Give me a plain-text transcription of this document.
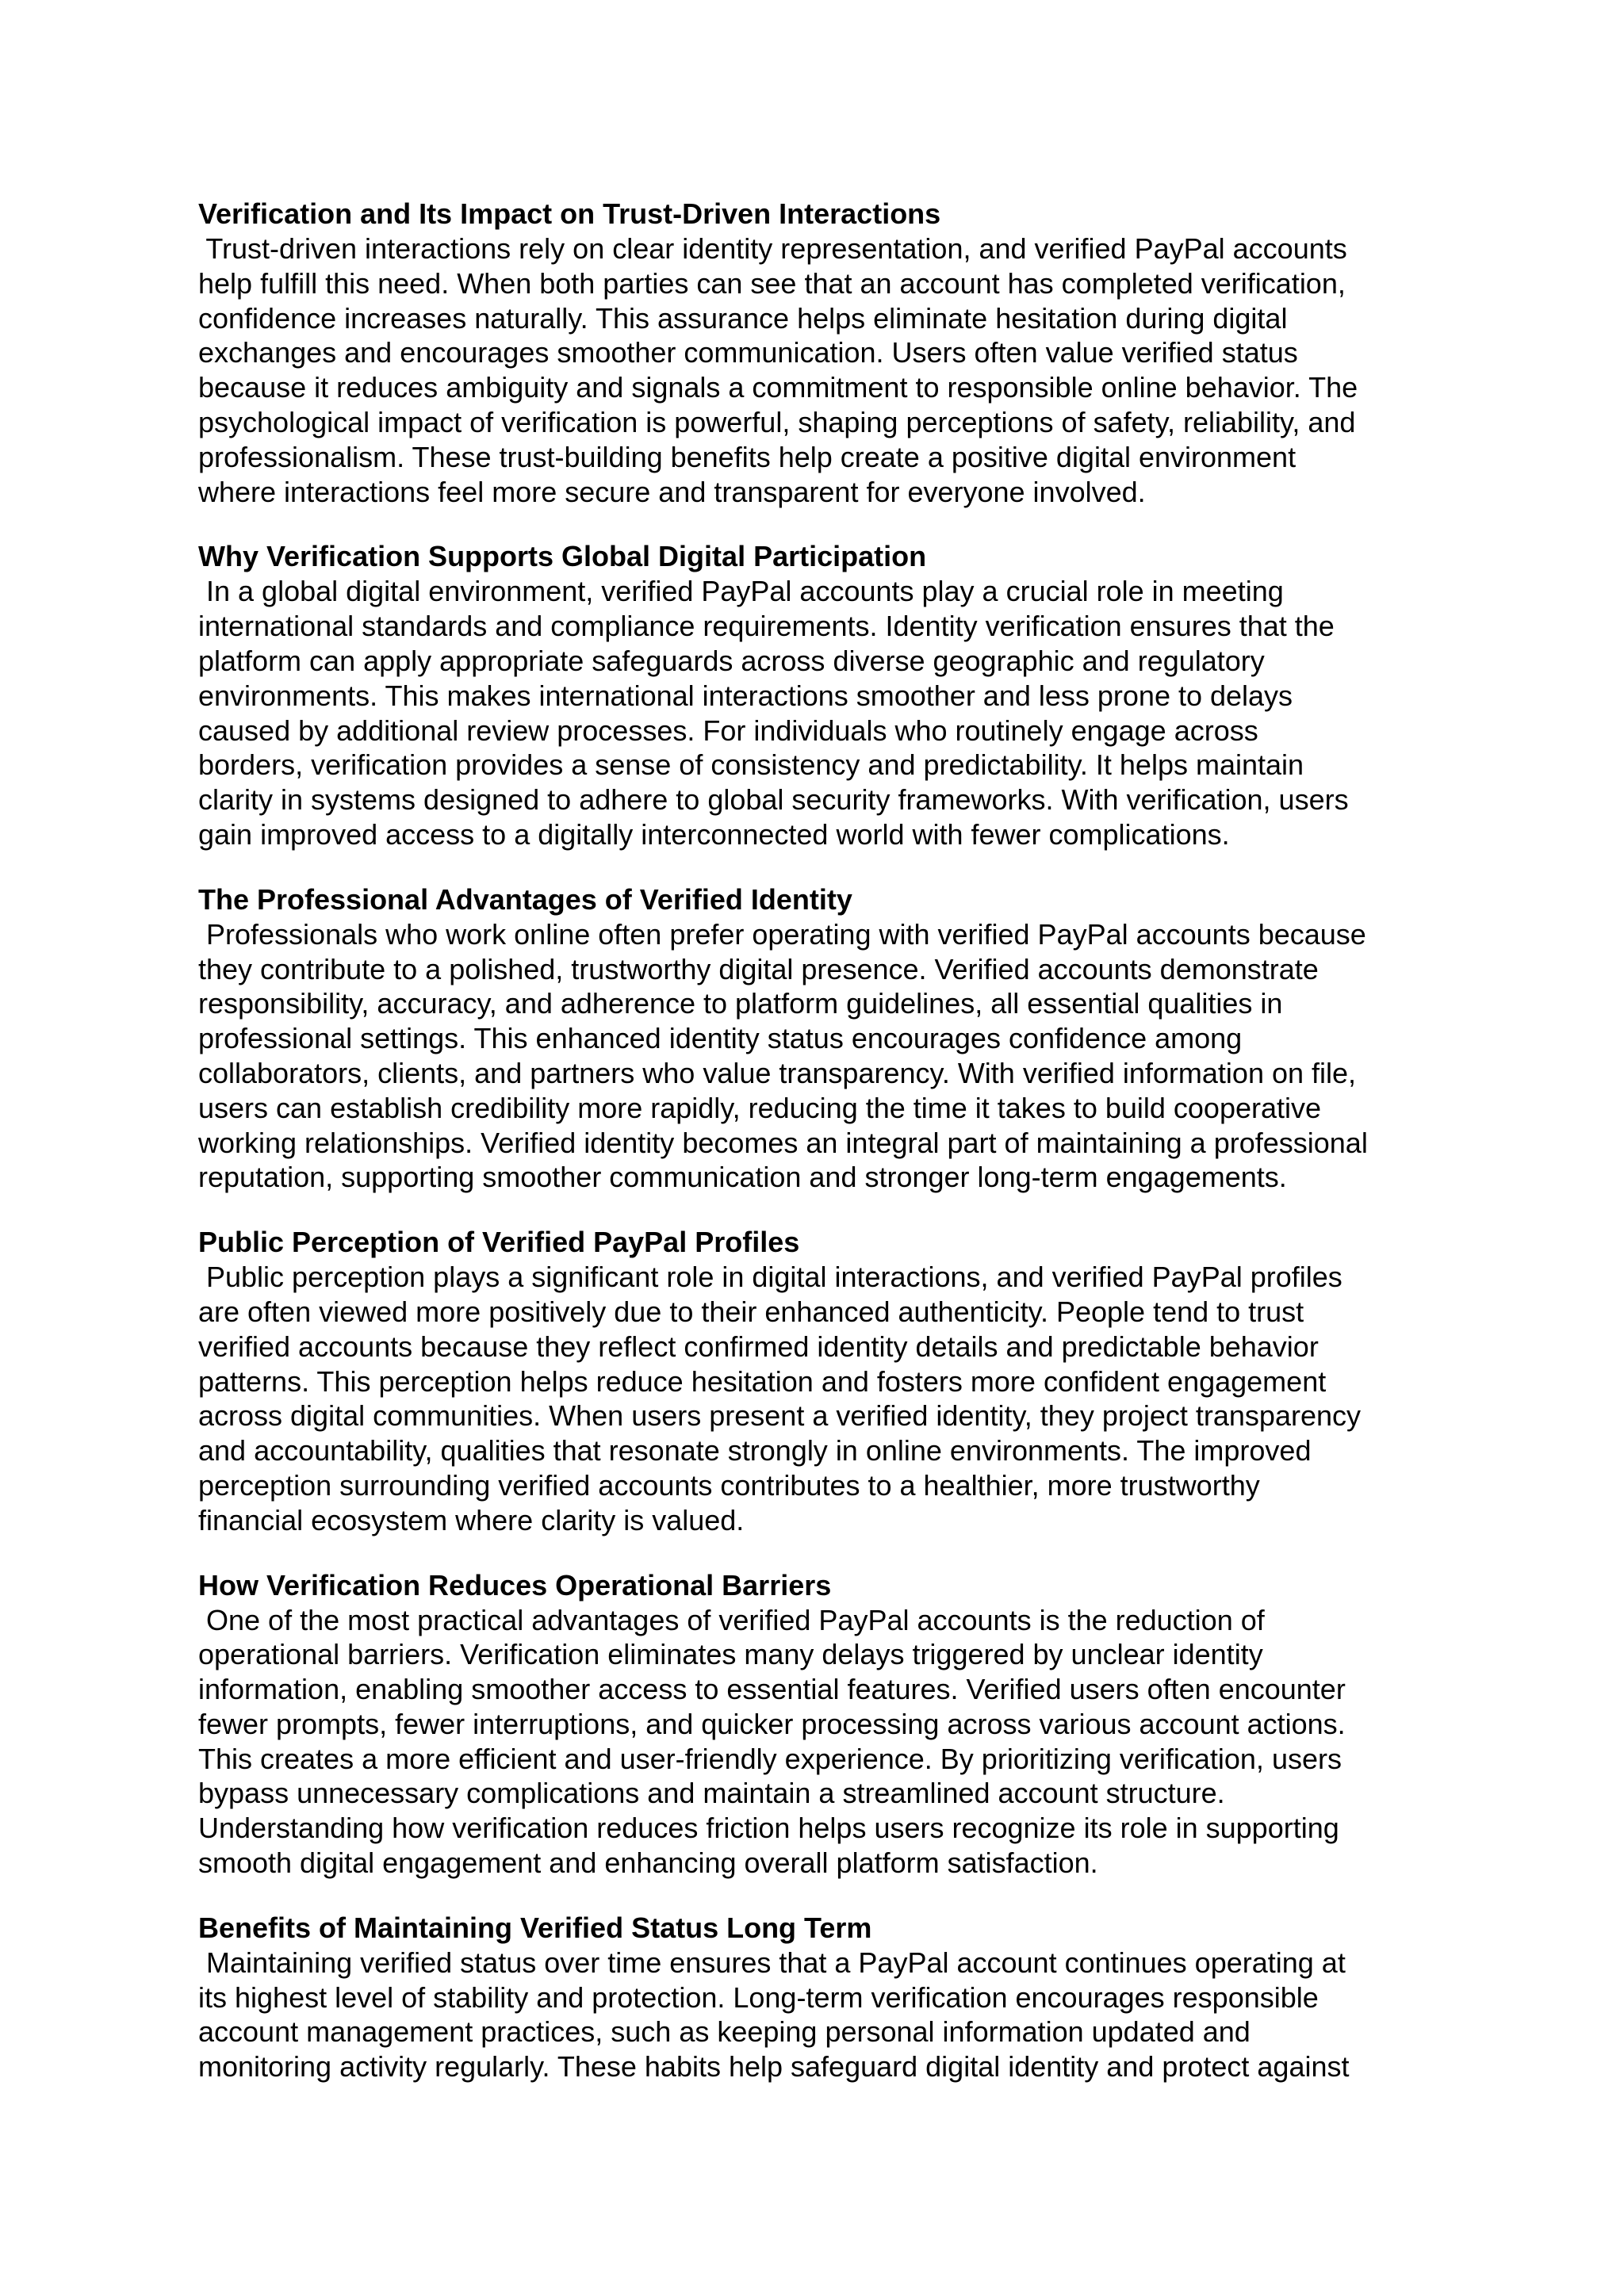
Verification and Its Impact on Trust-Driven Interactions

Trust-driven interactions rely on clear identity representation, and verified PayPal accounts
help fulfill this need. When both parties can see that an account has completed verification,
confidence increases naturally. This assurance helps eliminate hesitation during digital
exchanges and encourages smoother communication. Users often value verified status
because it reduces ambiguity and signals a commitment to responsible online behavior. The
psychological impact of verification is powerful, shaping perceptions of safety, reliability, and
professionalism. These trust-building benefits help create a positive digital environment
where interactions feel more secure and transparent for everyone involved.

Why Verification Supports Global Digital Participation

In a global digital environment, verified PayPal accounts play a crucial role in meeting
international standards and compliance requirements. Identity verification ensures that the
platform can apply appropriate safeguards across diverse geographic and regulatory
environments. This makes international interactions smoother and less prone to delays
caused by additional review processes. For individuals who routinely engage across
borders, verification provides a sense of consistency and predictability. It helps maintain
clarity in systems designed to adhere to global security frameworks. With verification, users
gain improved access to a digitally interconnected world with fewer complications.

The Professional Advantages of Verified Identity

Professionals who work online often prefer operating with verified PayPal accounts because
they contribute to a polished, trustworthy digital presence. Verified accounts demonstrate
responsibility, accuracy, and adherence to platform guidelines, all essential qualities in
professional settings. This enhanced identity status encourages confidence among
collaborators, clients, and partners who value transparency. With verified information on file,
users can establish credibility more rapidly, reducing the time it takes to build cooperative
working relationships. Verified identity becomes an integral part of maintaining a professional
reputation, supporting smoother communication and stronger long-term engagements.

Public Perception of Verified PayPal Profiles

Public perception plays a significant role in digital interactions, and verified PayPal profiles
are often viewed more positively due to their enhanced authenticity. People tend to trust
verified accounts because they reflect confirmed identity details and predictable behavior
patterns. This perception helps reduce hesitation and fosters more confident engagement
across digital communities. When users present a verified identity, they project transparency
and accountability, qualities that resonate strongly in online environments. The improved
perception surrounding verified accounts contributes to a healthier, more trustworthy
financial ecosystem where clarity is valued.

How Verification Reduces Operational Barriers

One of the most practical advantages of verified PayPal accounts is the reduction of
operational barriers. Verification eliminates many delays triggered by unclear identity
information, enabling smoother access to essential features. Verified users often encounter
fewer prompts, fewer interruptions, and quicker processing across various account actions.
This creates a more efficient and user-friendly experience. By prioritizing verification, users
bypass unnecessary complications and maintain a streamlined account structure.
Understanding how verification reduces friction helps users recognize its role in supporting
smooth digital engagement and enhancing overall platform satisfaction.

Benefits of Maintaining Verified Status Long Term

Maintaining verified status over time ensures that a PayPal account continues operating at
its highest level of stability and protection. Long-term verification encourages responsible
account management practices, such as keeping personal information updated and
monitoring activity regularly. These habits help safeguard digital identity and protect against
